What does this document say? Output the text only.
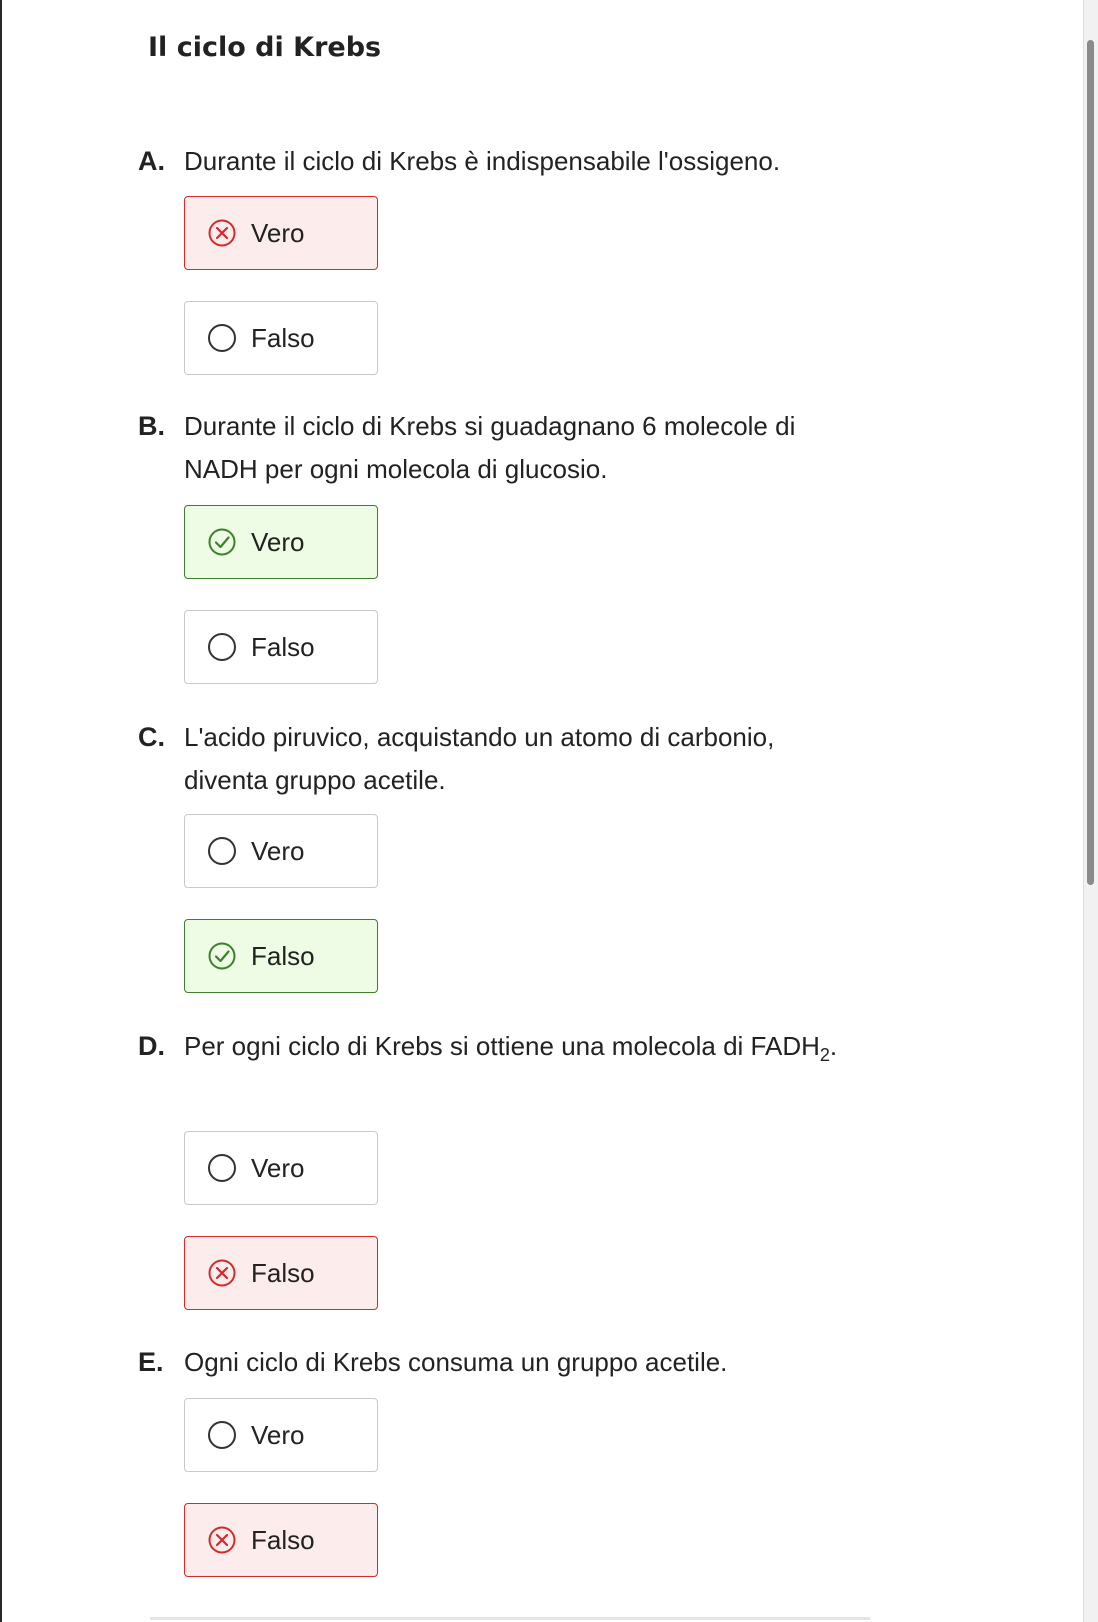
Il ciclo di Krebs
A. Durante il ciclo di Krebs è indispensabile l'ossigeno.
Vero
Falso
B. Durante il ciclo di Krebs si guadagnano 6 molecole di NADH per ogni molecola di glucosio.
Vero
Falso
C. L'acido piruvico, acquistando un atomo di carbonio, diventa gruppo acetile.
Vero
Falso
D. Per ogni ciclo di Krebs si ottiene una molecola di $FADH_2$.
Vero
Falso
E. Ogni ciclo di Krebs consuma un gruppo acetile.
Vero
Falso
